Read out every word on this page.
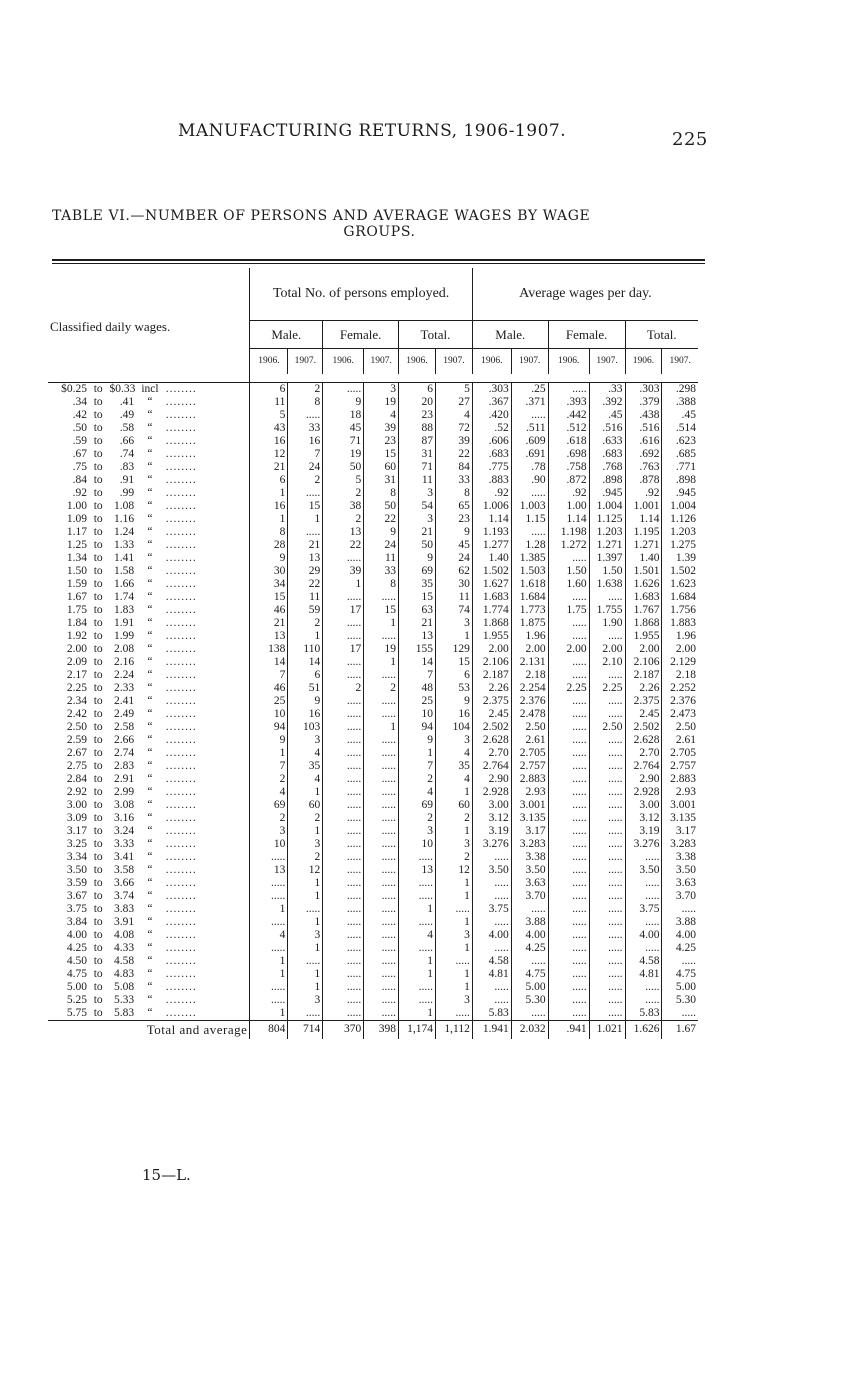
MANUFACTURING RETURNS, 1906-1907.	225
TABLE VI.—NUMBER OF PERSONS AND AVERAGE WAGES BY WAGE
GROUPS.
Classified daily wages.					Total No. of persons employed.						Average wages per day.					
					Male.		Female.		Total.		Male.		Female.		Total.	
					1906.	1907.	1906.	1907.	1906.	1907.	1906.	1907.	1906.	1907.	1906.	1907.

$0.25	to	$0.33	incl	........	6	2	.....	3	6	5	.303	.25	.....	.33	.303	.298
.34	to	.41	“	........	11	8	9	19	20	27	.367	.371	.393	.392	.379	.388
.42	to	.49	“	........	5	.....	18	4	23	4	.420	.....	.442	.45	.438	.45
.50	to	.58	“	........	43	33	45	39	88	72	.52	.511	.512	.516	.516	.514
.59	to	.66	“	........	16	16	71	23	87	39	.606	.609	.618	.633	.616	.623
.67	to	.74	“	........	12	7	19	15	31	22	.683	.691	.698	.683	.692	.685
.75	to	.83	“	........	21	24	50	60	71	84	.775	.78	.758	.768	.763	.771
.84	to	.91	“	........	6	2	5	31	11	33	.883	.90	.872	.898	.878	.898
.92	to	.99	“	........	1	.....	2	8	3	8	.92	.....	.92	.945	.92	.945
1.00	to	1.08	“	........	16	15	38	50	54	65	1.006	1.003	1.00	1.004	1.001	1.004
1.09	to	1.16	“	........	1	1	2	22	3	23	1.14	1.15	1.14	1.125	1.14	1.126
1.17	to	1.24	“	........	8	.....	13	9	21	9	1.193	.....	1.198	1.203	1.195	1.203
1.25	to	1.33	“	........	28	21	22	24	50	45	1.277	1.28	1.272	1.271	1.271	1.275
1.34	to	1.41	“	........	9	13	.....	11	9	24	1.40	1.385	.....	1.397	1.40	1.39
1.50	to	1.58	“	........	30	29	39	33	69	62	1.502	1.503	1.50	1.50	1.501	1.502
1.59	to	1.66	“	........	34	22	1	8	35	30	1.627	1.618	1.60	1.638	1.626	1.623
1.67	to	1.74	“	........	15	11	.....	.....	15	11	1.683	1.684	.....	.....	1.683	1.684
1.75	to	1.83	“	........	46	59	17	15	63	74	1.774	1.773	1.75	1.755	1.767	1.756
1.84	to	1.91	“	........	21	2	.....	1	21	3	1.868	1.875	.....	1.90	1.868	1.883
1.92	to	1.99	“	........	13	1	.....	.....	13	1	1.955	1.96	.....	.....	1.955	1.96
2.00	to	2.08	“	........	138	110	17	19	155	129	2.00	2.00	2.00	2.00	2.00	2.00
2.09	to	2.16	“	........	14	14	.....	1	14	15	2.106	2.131	.....	2.10	2.106	2.129
2.17	to	2.24	“	........	7	6	.....	.....	7	6	2.187	2.18	.....	.....	2.187	2.18
2.25	to	2.33	“	........	46	51	2	2	48	53	2.26	2.254	2.25	2.25	2.26	2.252
2.34	to	2.41	“	........	25	9	.....	.....	25	9	2.375	2.376	.....	.....	2.375	2.376
2.42	to	2.49	“	........	10	16	.....	.....	10	16	2.45	2.478	.....	.....	2.45	2.473
2.50	to	2.58	“	........	94	103	.....	1	94	104	2.502	2.50	.....	2.50	2.502	2.50
2.59	to	2.66	“	........	9	3	.....	.....	9	3	2.628	2.61	.....	.....	2.628	2.61
2.67	to	2.74	“	........	1	4	.....	.....	1	4	2.70	2.705	.....	.....	2.70	2.705
2.75	to	2.83	“	........	7	35	.....	.....	7	35	2.764	2.757	.....	.....	2.764	2.757
2.84	to	2.91	“	........	2	4	.....	.....	2	4	2.90	2.883	.....	.....	2.90	2.883
2.92	to	2.99	“	........	4	1	.....	.....	4	1	2.928	2.93	.....	.....	2.928	2.93
3.00	to	3.08	“	........	69	60	.....	.....	69	60	3.00	3.001	.....	.....	3.00	3.001
3.09	to	3.16	“	........	2	2	.....	.....	2	2	3.12	3.135	.....	.....	3.12	3.135
3.17	to	3.24	“	........	3	1	.....	.....	3	1	3.19	3.17	.....	.....	3.19	3.17
3.25	to	3.33	“	........	10	3	.....	.....	10	3	3.276	3.283	.....	.....	3.276	3.283
3.34	to	3.41	“	........	.....	2	.....	.....	.....	2	.....	3.38	.....	.....	.....	3.38
3.50	to	3.58	“	........	13	12	.....	.....	13	12	3.50	3.50	.....	.....	3.50	3.50
3.59	to	3.66	“	........	.....	1	.....	.....	.....	1	.....	3.63	.....	.....	.....	3.63
3.67	to	3.74	“	........	.....	1	.....	.....	.....	1	.....	3.70	.....	.....	.....	3.70
3.75	to	3.83	“	........	1	.....	.....	.....	1	.....	3.75	.....	.....	.....	3.75	.....
3.84	to	3.91	“	........	.....	1	.....	.....	.....	1	.....	3.88	.....	.....	.....	3.88
4.00	to	4.08	“	........	4	3	.....	.....	4	3	4.00	4.00	.....	.....	4.00	4.00
4.25	to	4.33	“	........	.....	1	.....	.....	.....	1	.....	4.25	.....	.....	.....	4.25
4.50	to	4.58	“	........	1	.....	.....	.....	1	.....	4.58	.....	.....	.....	4.58	.....
4.75	to	4.83	“	........	1	1	.....	.....	1	1	4.81	4.75	.....	.....	4.81	4.75
5.00	to	5.08	“	........	.....	1	.....	.....	.....	1	.....	5.00	.....	.....	.....	5.00
5.25	to	5.33	“	........	.....	3	.....	.....	.....	3	.....	5.30	.....	.....	.....	5.30
5.75	to	5.83	“	........	1	.....	.....	.....	1	.....	5.83	.....	.....	.....	5.83	.....
Total and average					804	714	370	398	1,174	1,112	1.941	2.032	.941	1.021	1.626	1.67
15—L.
